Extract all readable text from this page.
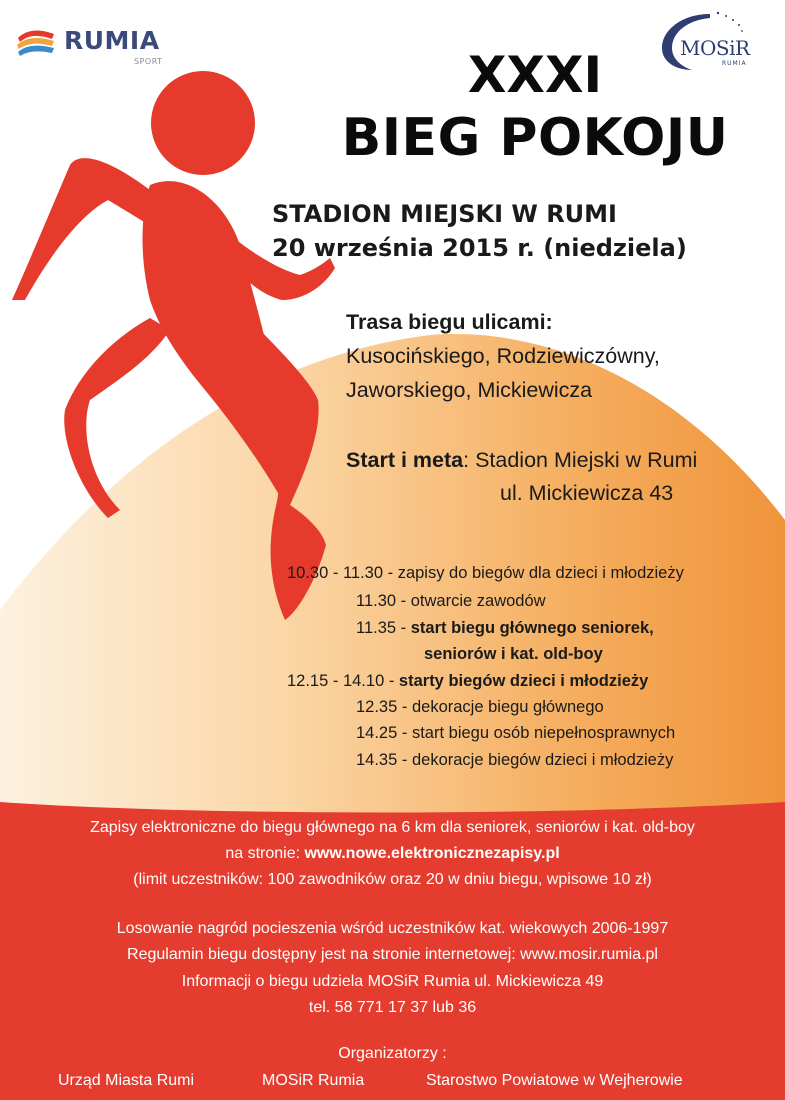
RUMIA
SPORT
MOSiR
RUMIA
XXXI
BIEG POKOJU
STADION MIEJSKI W RUMI
20 września 2015 r. (niedziela)
Trasa biegu ulicami:
Kusocińskiego, Rodziewiczówny,
Jaworskiego, Mickiewicza
Start i meta: Stadion Miejski w Rumi
ul. Mickiewicza 43
10.30 - 11.30 - zapisy do biegów dla dzieci i młodzieży
11.30 - otwarcie zawodów
11.35 - start biegu głównego seniorek,
seniorów i kat. old-boy
12.15 - 14.10 - starty biegów dzieci i młodzieży
12.35 - dekoracje biegu głównego
14.25 - start biegu osób niepełnosprawnych
14.35 - dekoracje biegów dzieci i młodzieży
Zapisy elektroniczne do biegu głównego na 6 km dla seniorek, seniorów i kat. old-boy
na stronie: www.nowe.elektronicznezapisy.pl
(limit uczestników: 100 zawodników oraz 20 w dniu biegu, wpisowe 10 zł)
Losowanie nagród pocieszenia wśród uczestników kat. wiekowych 2006-1997
Regulamin biegu dostępny jest na stronie internetowej: www.mosir.rumia.pl
Informacji o biegu udziela MOSiR Rumia ul. Mickiewicza 49
tel. 58 771 17 37 lub 36
Organizatorzy :
Urząd Miasta Rumi	MOSiR Rumia	Starostwo Powiatowe w Wejherowie
